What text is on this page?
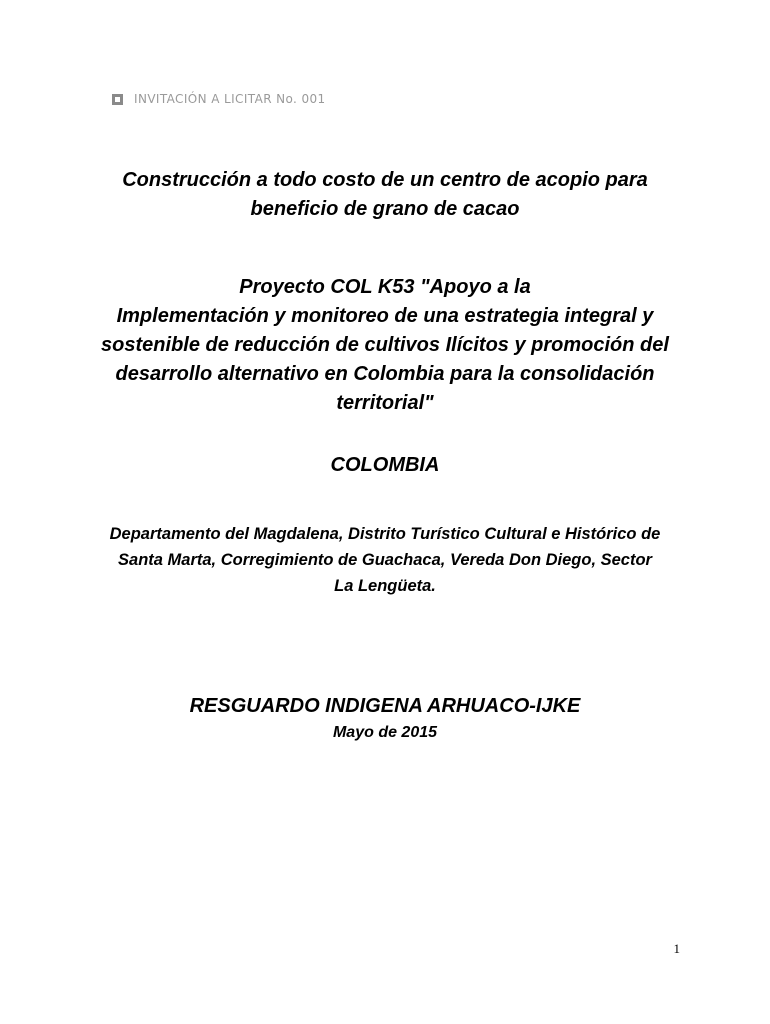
INVITACIÓN A LICITAR No. 001
Construcción a todo costo de un centro de acopio para
beneficio de grano de cacao
Proyecto COL K53 "Apoyo a la
Implementación y monitoreo de una estrategia integral y
sostenible de reducción de cultivos Ilícitos y promoción del
desarrollo alternativo en Colombia para la consolidación
territorial"
COLOMBIA
Departamento del Magdalena, Distrito Turístico Cultural e Histórico de
Santa Marta, Corregimiento de Guachaca, Vereda Don Diego, Sector
La Lengüeta.
RESGUARDO INDIGENA ARHUACO-IJKE
Mayo de 2015
1
